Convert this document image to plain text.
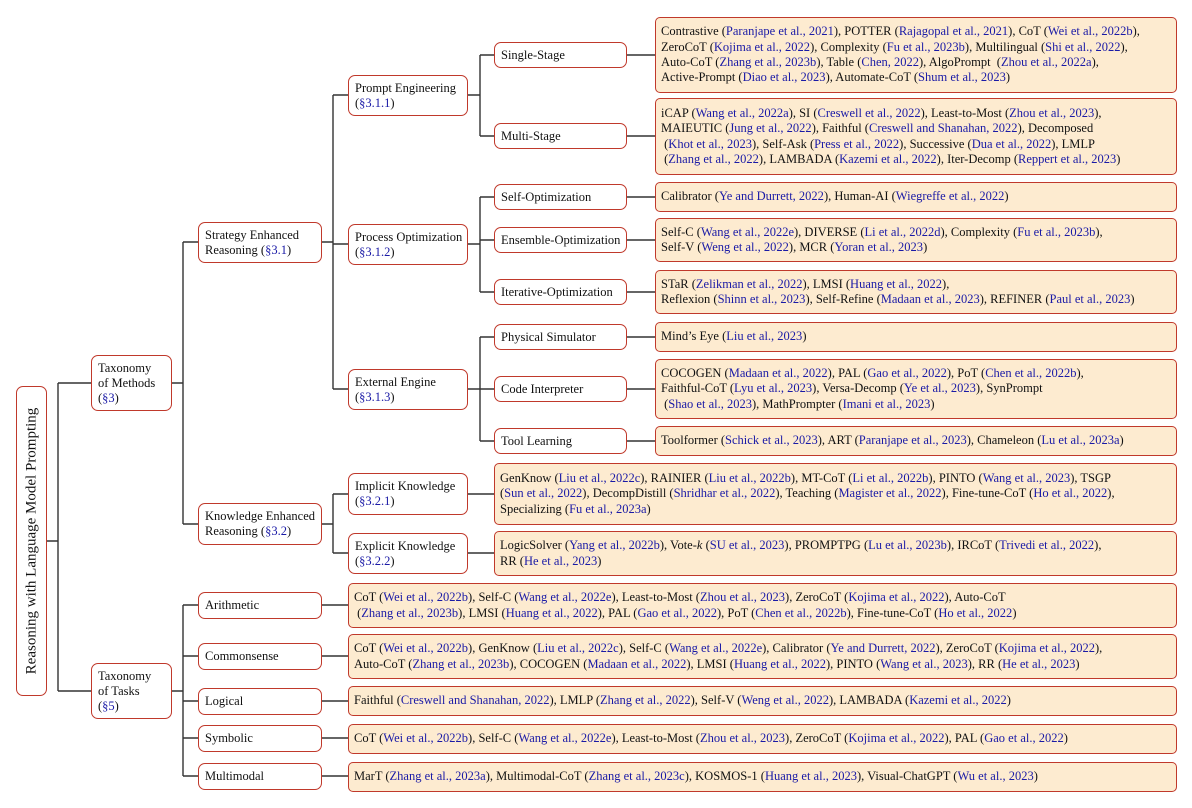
Reasoning with Language Model Prompting
Taxonomy
of Methods
(§3)
Taxonomy
of Tasks
(§5)
Strategy Enhanced
Reasoning (§3.1)
Knowledge Enhanced
Reasoning (§3.2)
Prompt Engineering
(§3.1.1)
Process Optimization
(§3.1.2)
External Engine
(§3.1.3)
Implicit Knowledge
(§3.2.1)
Explicit Knowledge
(§3.2.2)
Single-Stage
Multi-Stage
Self-Optimization
Ensemble-Optimization
Iterative-Optimization
Physical Simulator
Code Interpreter
Tool Learning
Arithmetic
Commonsense
Logical
Symbolic
Multimodal
Contrastive (Paranjape et al., 2021), POTTER (Rajagopal et al., 2021), CoT (Wei et al., 2022b),
ZeroCoT (Kojima et al., 2022), Complexity (Fu et al., 2023b), Multilingual (Shi et al., 2022),
Auto-CoT (Zhang et al., 2023b), Table (Chen, 2022), AlgoPrompt  (Zhou et al., 2022a),
Active-Prompt (Diao et al., 2023), Automate-CoT (Shum et al., 2023)
iCAP (Wang et al., 2022a), SI (Creswell et al., 2022), Least-to-Most (Zhou et al., 2023),
MAIEUTIC (Jung et al., 2022), Faithful (Creswell and Shanahan, 2022), Decomposed
(Khot et al., 2023), Self-Ask (Press et al., 2022), Successive (Dua et al., 2022), LMLP
(Zhang et al., 2022), LAMBADA (Kazemi et al., 2022), Iter-Decomp (Reppert et al., 2023)
Calibrator (Ye and Durrett, 2022), Human-AI (Wiegreffe et al., 2022)
Self-C (Wang et al., 2022e), DIVERSE (Li et al., 2022d), Complexity (Fu et al., 2023b),
Self-V (Weng et al., 2022), MCR (Yoran et al., 2023)
STaR (Zelikman et al., 2022), LMSI (Huang et al., 2022),
Reflexion (Shinn et al., 2023), Self-Refine (Madaan et al., 2023), REFINER (Paul et al., 2023)
Mind’s Eye (Liu et al., 2023)
COCOGEN (Madaan et al., 2022), PAL (Gao et al., 2022), PoT (Chen et al., 2022b),
Faithful-CoT (Lyu et al., 2023), Versa-Decomp (Ye et al., 2023), SynPrompt
(Shao et al., 2023), MathPrompter (Imani et al., 2023)
Toolformer (Schick et al., 2023), ART (Paranjape et al., 2023), Chameleon (Lu et al., 2023a)
GenKnow (Liu et al., 2022c), RAINIER (Liu et al., 2022b), MT-CoT (Li et al., 2022b), PINTO (Wang et al., 2023), TSGP
(Sun et al., 2022), DecompDistill (Shridhar et al., 2022), Teaching (Magister et al., 2022), Fine-tune-CoT (Ho et al., 2022),
Specializing (Fu et al., 2023a)
LogicSolver (Yang et al., 2022b), Vote-k (SU et al., 2023), PROMPTPG (Lu et al., 2023b), IRCoT (Trivedi et al., 2022),
RR (He et al., 2023)
CoT (Wei et al., 2022b), Self-C (Wang et al., 2022e), Least-to-Most (Zhou et al., 2023), ZeroCoT (Kojima et al., 2022), Auto-CoT
(Zhang et al., 2023b), LMSI (Huang et al., 2022), PAL (Gao et al., 2022), PoT (Chen et al., 2022b), Fine-tune-CoT (Ho et al., 2022)
CoT (Wei et al., 2022b), GenKnow (Liu et al., 2022c), Self-C (Wang et al., 2022e), Calibrator (Ye and Durrett, 2022), ZeroCoT (Kojima et al., 2022),
Auto-CoT (Zhang et al., 2023b), COCOGEN (Madaan et al., 2022), LMSI (Huang et al., 2022), PINTO (Wang et al., 2023), RR (He et al., 2023)
Faithful (Creswell and Shanahan, 2022), LMLP (Zhang et al., 2022), Self-V (Weng et al., 2022), LAMBADA (Kazemi et al., 2022)
CoT (Wei et al., 2022b), Self-C (Wang et al., 2022e), Least-to-Most (Zhou et al., 2023), ZeroCoT (Kojima et al., 2022), PAL (Gao et al., 2022)
MarT (Zhang et al., 2023a), Multimodal-CoT (Zhang et al., 2023c), KOSMOS-1 (Huang et al., 2023), Visual-ChatGPT (Wu et al., 2023)
